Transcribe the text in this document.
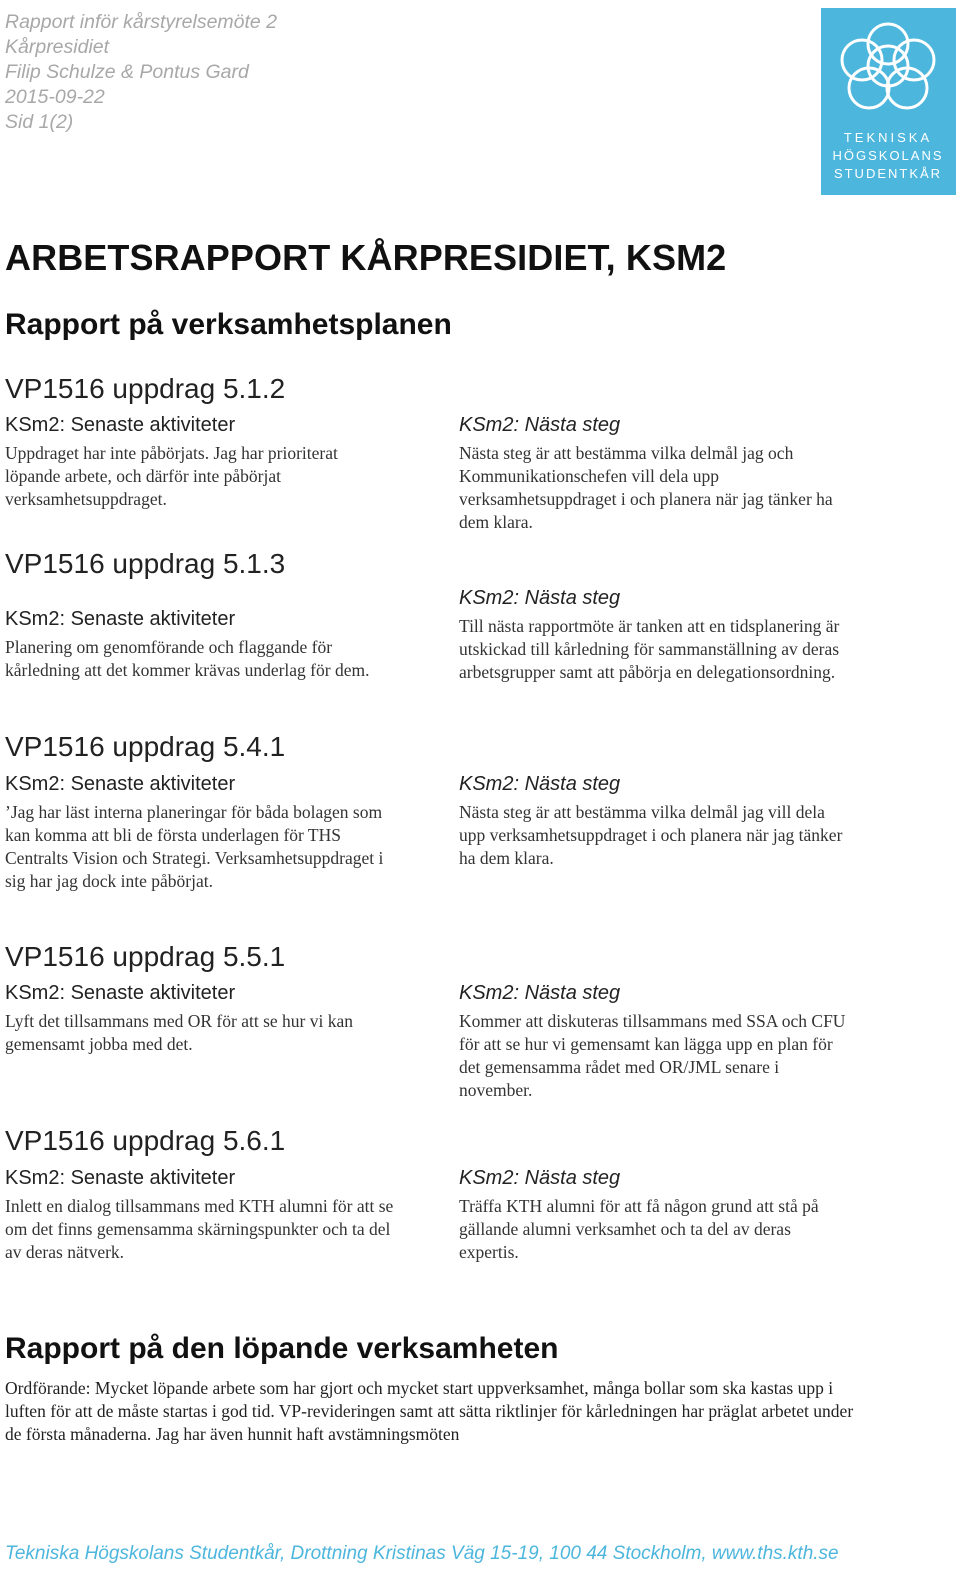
Rapport inför kårstyrelsemöte 2
Kårpresidiet
Filip Schulze & Pontus Gard
2015-09-22
Sid 1(2)
TEKNISKA
HÖGSKOLANS
STUDENTKÅR
ARBETSRAPPORT KÅRPRESIDIET, KSM2
Rapport på verksamhetsplanen
VP1516 uppdrag 5.1.2
KSm2: Senaste aktiviteter
Uppdraget har inte påbörjats. Jag har prioriterat löpande arbete, och därför inte påbörjat verksamhetsuppdraget.
KSm2: Nästa steg
Nästa steg är att bestämma vilka delmål jag och Kommunikationschefen vill dela upp verksamhetsuppdraget i och planera när jag tänker ha dem klara.
VP1516 uppdrag 5.1.3
KSm2: Senaste aktiviteter
Planering om genomförande och flaggande för kårledning att det kommer krävas underlag för dem.
KSm2: Nästa steg
Till nästa rapportmöte är tanken att en tidsplanering är utskickad till kårledning för sammanställning av deras arbetsgrupper samt att påbörja en delegationsordning.
VP1516 uppdrag 5.4.1
KSm2: Senaste aktiviteter
’Jag har läst interna planeringar för båda bolagen som kan komma att bli de första underlagen för THS Centralts Vision och Strategi. Verksamhetsuppdraget i sig har jag dock inte påbörjat.
KSm2: Nästa steg
Nästa steg är att bestämma vilka delmål jag vill dela upp verksamhetsuppdraget i och planera när jag tänker ha dem klara.
VP1516 uppdrag 5.5.1
KSm2: Senaste aktiviteter
Lyft det tillsammans med OR för att se hur vi kan gemensamt jobba med det.
KSm2: Nästa steg
Kommer att diskuteras tillsammans med SSA och CFU för att se hur vi gemensamt kan lägga upp en plan för det gemensamma rådet med OR/JML senare i november.
VP1516 uppdrag 5.6.1
KSm2: Senaste aktiviteter
Inlett en dialog tillsammans med KTH alumni för att se om det finns gemensamma skärningspunkter och ta del av deras nätverk.
KSm2: Nästa steg
Träffa KTH alumni för att få någon grund att stå på gällande alumni verksamhet och ta del av deras expertis.
Rapport på den löpande verksamheten
Ordförande: Mycket löpande arbete som har gjort och mycket start uppverksamhet, många bollar som ska kastas upp i luften för att de måste startas i god tid. VP-revideringen samt att sätta riktlinjer för kårledningen har präglat arbetet under de första månaderna. Jag har även hunnit haft avstämningsmöten
Tekniska Högskolans Studentkår, Drottning Kristinas Väg 15-19, 100 44 Stockholm, www.ths.kth.se
